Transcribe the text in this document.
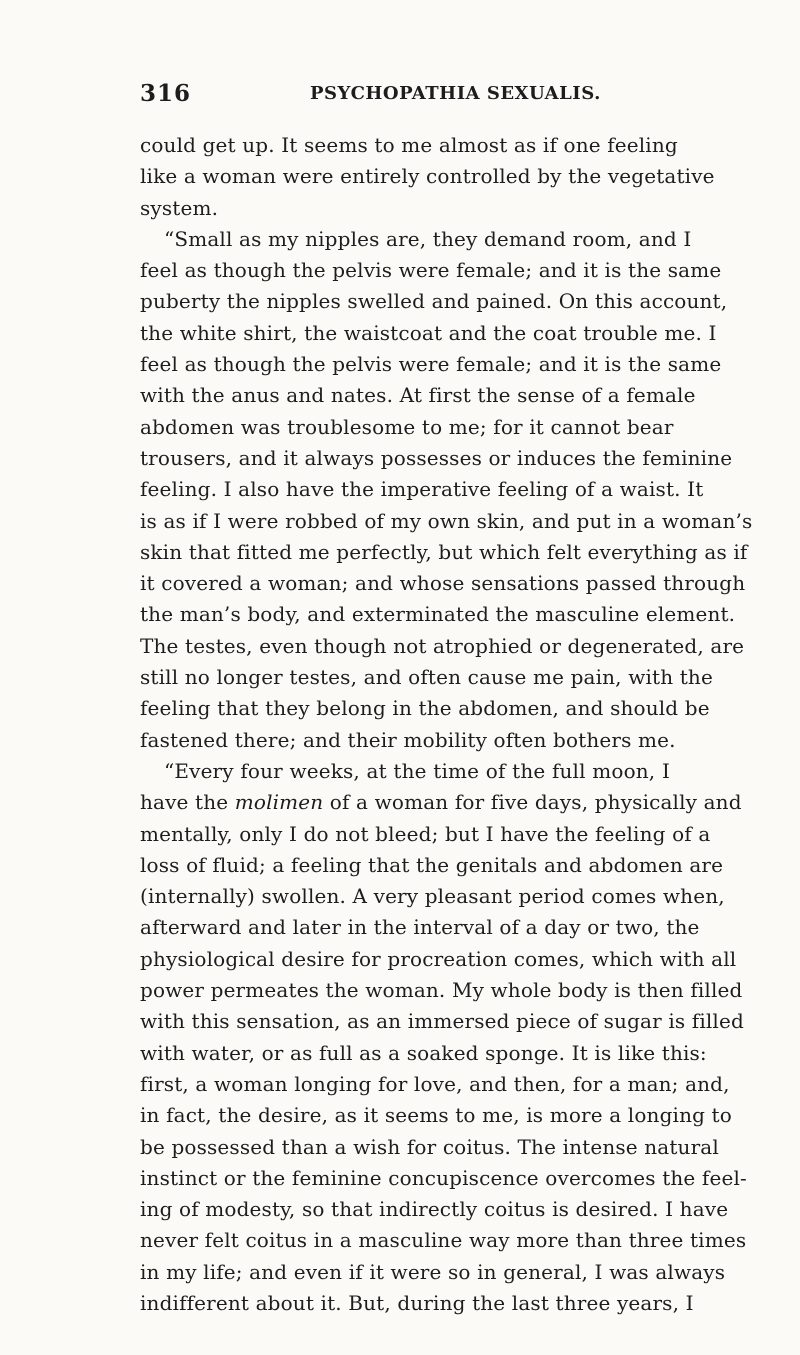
316	PSYCHOPATHIA SEXUALIS.
could get up. It seems to me almost as if one feeling
like a woman were entirely controlled by the vegetative
system.
“Small as my nipples are, they demand room, and I
feel as though the pelvis were female; and it is the same
puberty the nipples swelled and pained. On this account,
the white shirt, the waistcoat and the coat trouble me. I
feel as though the pelvis were female; and it is the same
with the anus and nates. At first the sense of a female
abdomen was troublesome to me; for it cannot bear
trousers, and it always possesses or induces the feminine
feeling. I also have the imperative feeling of a waist. It
is as if I were robbed of my own skin, and put in a woman’s
skin that fitted me perfectly, but which felt everything as if
it covered a woman; and whose sensations passed through
the man’s body, and exterminated the masculine element.
The testes, even though not atrophied or degenerated, are
still no longer testes, and often cause me pain, with the
feeling that they belong in the abdomen, and should be
fastened there; and their mobility often bothers me.
“Every four weeks, at the time of the full moon, I
have the molimen of a woman for five days, physically and
mentally, only I do not bleed; but I have the feeling of a
loss of fluid; a feeling that the genitals and abdomen are
(internally) swollen. A very pleasant period comes when,
afterward and later in the interval of a day or two, the
physiological desire for procreation comes, which with all
power permeates the woman. My whole body is then filled
with this sensation, as an immersed piece of sugar is filled
with water, or as full as a soaked sponge. It is like this:
first, a woman longing for love, and then, for a man; and,
in fact, the desire, as it seems to me, is more a longing to
be possessed than a wish for coitus. The intense natural
instinct or the feminine concupiscence overcomes the feel-
ing of modesty, so that indirectly coitus is desired. I have
never felt coitus in a masculine way more than three times
in my life; and even if it were so in general, I was always
indifferent about it. But, during the last three years, I
